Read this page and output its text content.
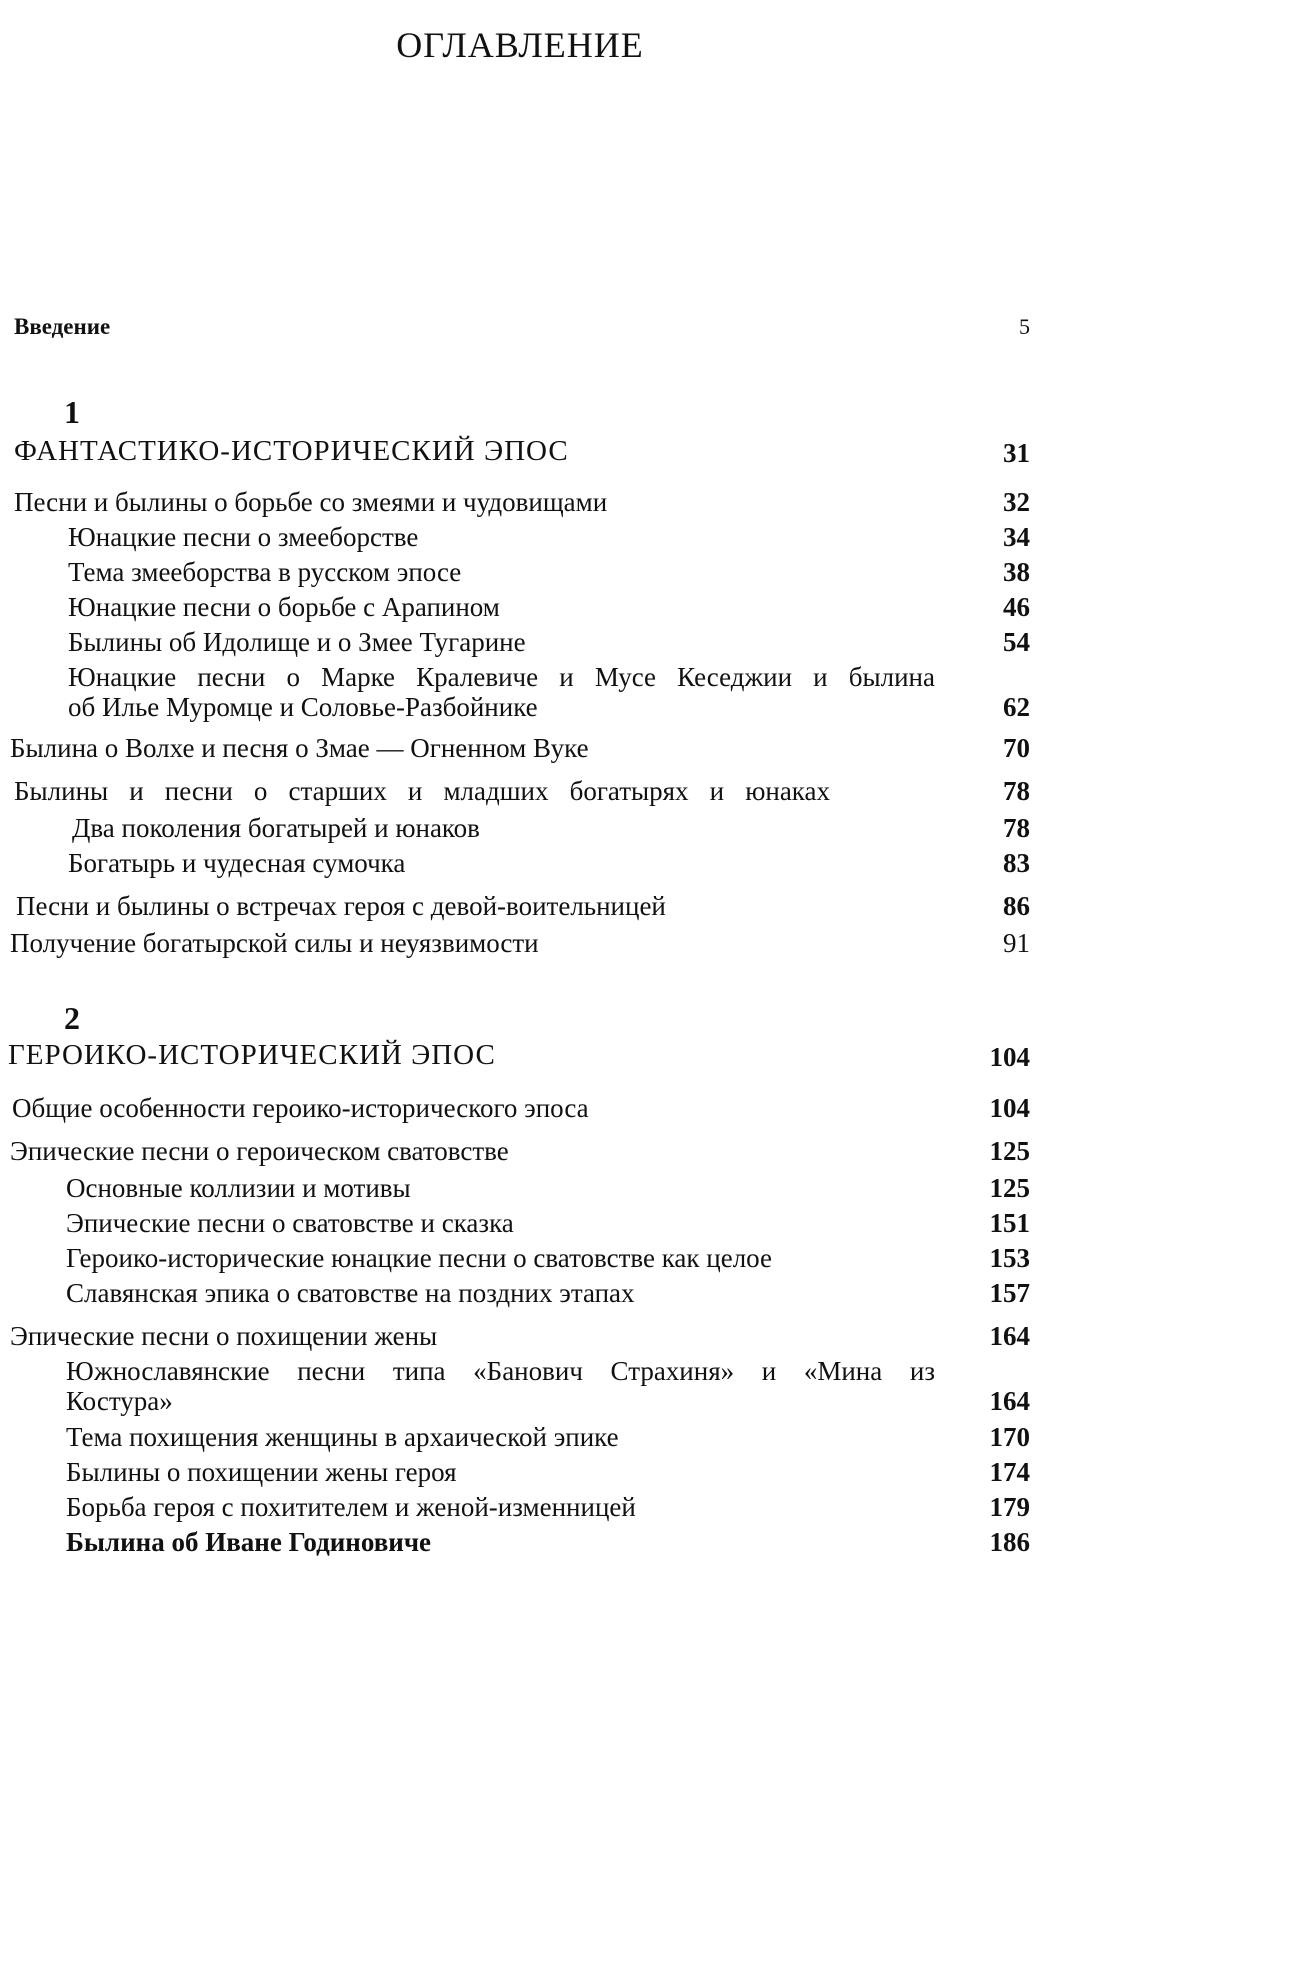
ОГЛАВЛЕНИЕ
Введение	5
1
ФАНТАСТИКО-ИСТОРИЧЕСКИЙ ЭПОС	31
Песни и былины о борьбе со змеями и чудовищами	32
Юнацкие песни о змееборстве	34
Тема змееборства в русском эпосе	38
Юнацкие песни о борьбе с Арапином	46
Былины об Идолище и о Змее Тугарине	54
Юнацкие песни о Марке Кралевиче и Мусе Кеседжии и былина
об Илье Муромце и Соловье-Разбойнике	62
Былина о Волхе и песня о Змае — Огненном Вуке	70
Былины и песни о старших и младших богатырях и юнаках	78
Два поколения богатырей и юнаков	78
Богатырь и чудесная сумочка	83
Песни и былины о встречах героя с девой-воительницей	86
Получение богатырской силы и неуязвимости	91
2
ГЕРОИКО-ИСТОРИЧЕСКИЙ ЭПОС	104
Общие особенности героико-исторического эпоса	104
Эпические песни о героическом сватовстве	125
Основные коллизии и мотивы	125
Эпические песни о сватовстве и сказка	151
Героико-исторические юнацкие песни о сватовстве как целое	153
Славянская эпика о сватовстве на поздних этапах	157
Эпические песни о похищении жены	164
Южнославянские песни типа «Банович Страхиня» и «Мина из
Костура»	164
Тема похищения женщины в архаической эпике	170
Былины о похищении жены героя	174
Борьба героя с похитителем и женой-изменницей	179
Былина об Иване Годиновиче	186
